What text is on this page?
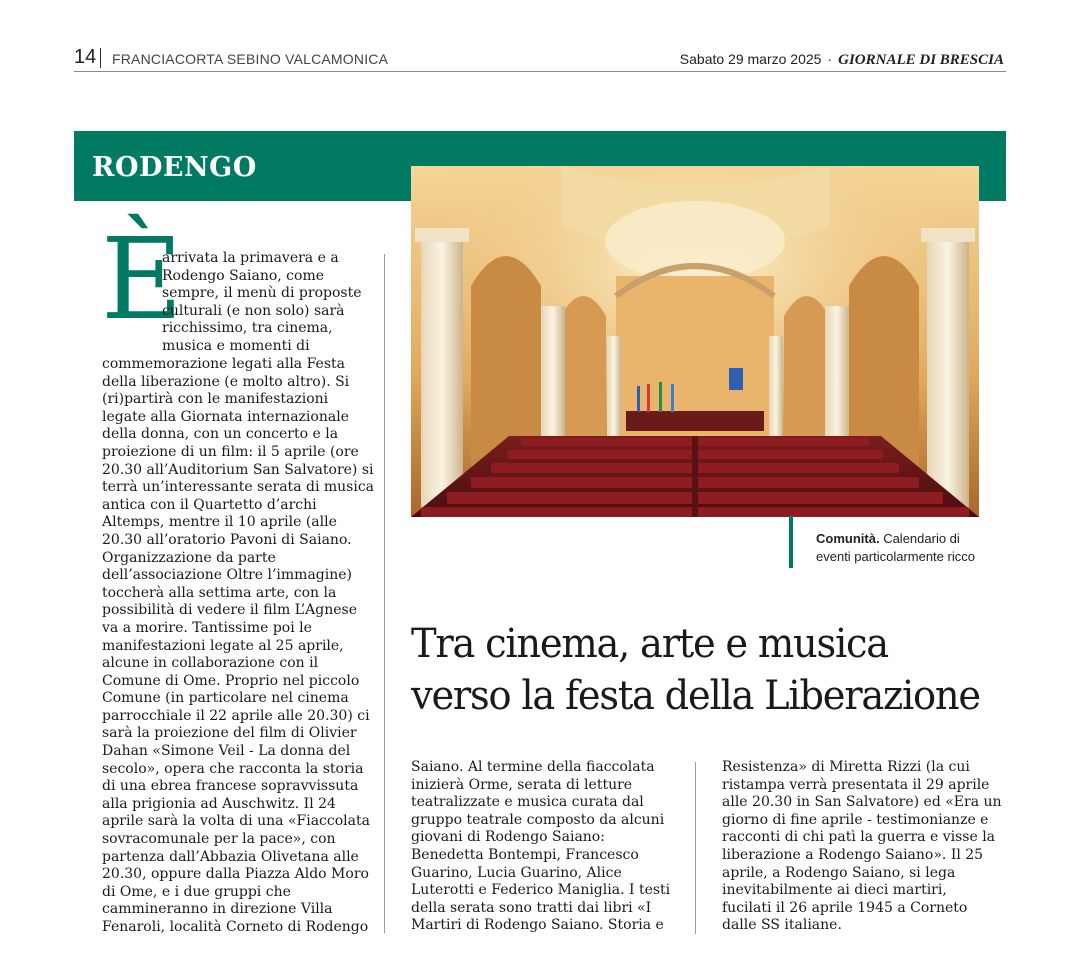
14 FRANCIACORTA SEBINO VALCAMONICA	Sabato 29 marzo 2025 · GIORNALE DI BRESCIA
RODENGO
Comunità. Calendario di eventi particolarmente ricco
È
arrivata la primavera e a
Rodengo Saiano, come
sempre, il menù di proposte
culturali (e non solo) sarà
ricchissimo, tra cinema,
musica e momenti di
commemorazione legati alla Festa
della liberazione (e molto altro). Si
(ri)partirà con le manifestazioni
legate alla Giornata internazionale
della donna, con un concerto e la
proiezione di un film: il 5 aprile (ore
20.30 all’Auditorium San Salvatore) si
terrà un’interessante serata di musica
antica con il Quartetto d’archi
Altemps, mentre il 10 aprile (alle
20.30 all’oratorio Pavoni di Saiano.
Organizzazione da parte
dell’associazione Oltre l’immagine)
toccherà alla settima arte, con la
possibilità di vedere il film L’Agnese
va a morire. Tantissime poi le
manifestazioni legate al 25 aprile,
alcune in collaborazione con il
Comune di Ome. Proprio nel piccolo
Comune (in particolare nel cinema
parrocchiale il 22 aprile alle 20.30) ci
sarà la proiezione del film di Olivier
Dahan «Simone Veil - La donna del
secolo», opera che racconta la storia
di una ebrea francese sopravvissuta
alla prigionia ad Auschwitz. Il 24
aprile sarà la volta di una «Fiaccolata
sovracomunale per la pace», con
partenza dall’Abbazia Olivetana alle
20.30, oppure dalla Piazza Aldo Moro
di Ome, e i due gruppi che
cammineranno in direzione Villa
Fenaroli, località Corneto di Rodengo
Tra cinema, arte e musica
verso la festa della Liberazione
Saiano. Al termine della fiaccolata
inizierà Orme, serata di letture
teatralizzate e musica curata dal
gruppo teatrale composto da alcuni
giovani di Rodengo Saiano:
Benedetta Bontempi, Francesco
Guarino, Lucia Guarino, Alice
Luterotti e Federico Maniglia. I testi
della serata sono tratti dai libri «I
Martiri di Rodengo Saiano. Storia e
Resistenza» di Miretta Rizzi (la cui
ristampa verrà presentata il 29 aprile
alle 20.30 in San Salvatore) ed «Era un
giorno di fine aprile - testimonianze e
racconti di chi patì la guerra e visse la
liberazione a Rodengo Saiano». Il 25
aprile, a Rodengo Saiano, si lega
inevitabilmente ai dieci martiri,
fucilati il 26 aprile 1945 a Corneto
dalle SS italiane.
